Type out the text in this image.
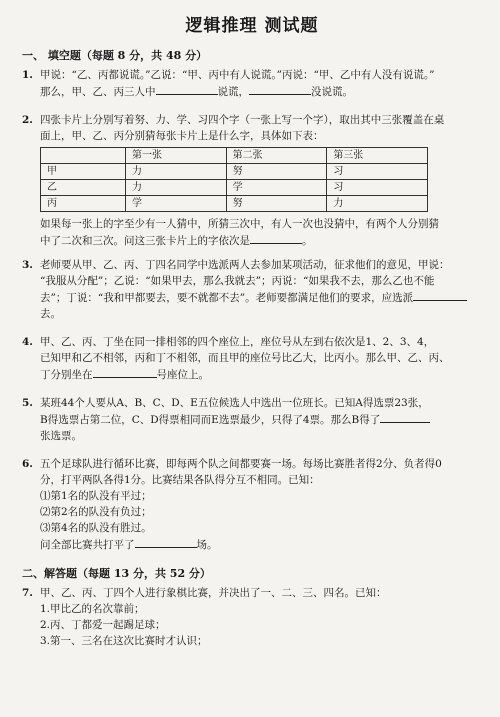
逻辑推理 测试题
一、 填空题（每题 8 分，共 48 分）
1. 甲说：“乙、丙都说谎。”乙说：“甲、丙中有人说谎。”丙说：“甲、乙中有人没有说谎。”
那么，甲、乙、丙三人中	说谎，	没说谎。
2. 四张卡片上分别写着努、力、学、习四个字（一张上写一个字），取出其中三张覆盖在桌
面上，甲、乙、丙分别猜每张卡片上是什么字，具体如下表：
	第一张	第二张	第三张
甲	力	努	习
乙	力	学	习
丙	学	努	力
如果每一张上的字至少有一人猜中，所猜三次中，有人一次也没猜中，有两个人分别猜
中了二次和三次。问这三张卡片上的字依次是	。
3. 老师要从甲、乙、丙、丁四名同学中选派两人去参加某项活动，征求他们的意见，甲说：
“我服从分配”；乙说：“如果甲去，那么我就去”；丙说：“如果我不去，那么乙也不能
去”；丁说：“我和甲都要去，要不就都不去”。老师要都满足他们的要求，应选派
去。
4. 甲、乙、丙、丁坐在同一排相邻的四个座位上，座位号从左到右依次是1、2、3、4，
已知甲和乙不相邻，丙和丁不相邻，而且甲的座位号比乙大，比丙小。那么甲、乙、丙、
丁分别坐在	号座位上。
5. 某班44个人要从A、B、C、D、E五位候选人中选出一位班长。已知A得选票23张，
B得选票占第二位，C、D得票相同而E选票最少，只得了4票。那么B得了
张选票。
6. 五个足球队进行循环比赛，即每两个队之间都要赛一场。每场比赛胜者得2分、负者得0
分，打平两队各得1分。比赛结果各队得分互不相同。已知：
⑴第1名的队没有平过；
⑵第2名的队没有负过；
⑶第4名的队没有胜过。
问全部比赛共打平了	场。
二、解答题（每题 13 分，共 52 分）
7. 甲、乙、丙、丁四个人进行象棋比赛，并决出了一、二、三、四名。已知：
1.甲比乙的名次靠前；
2.丙、丁都爱一起踢足球；
3.第一、三名在这次比赛时才认识；
